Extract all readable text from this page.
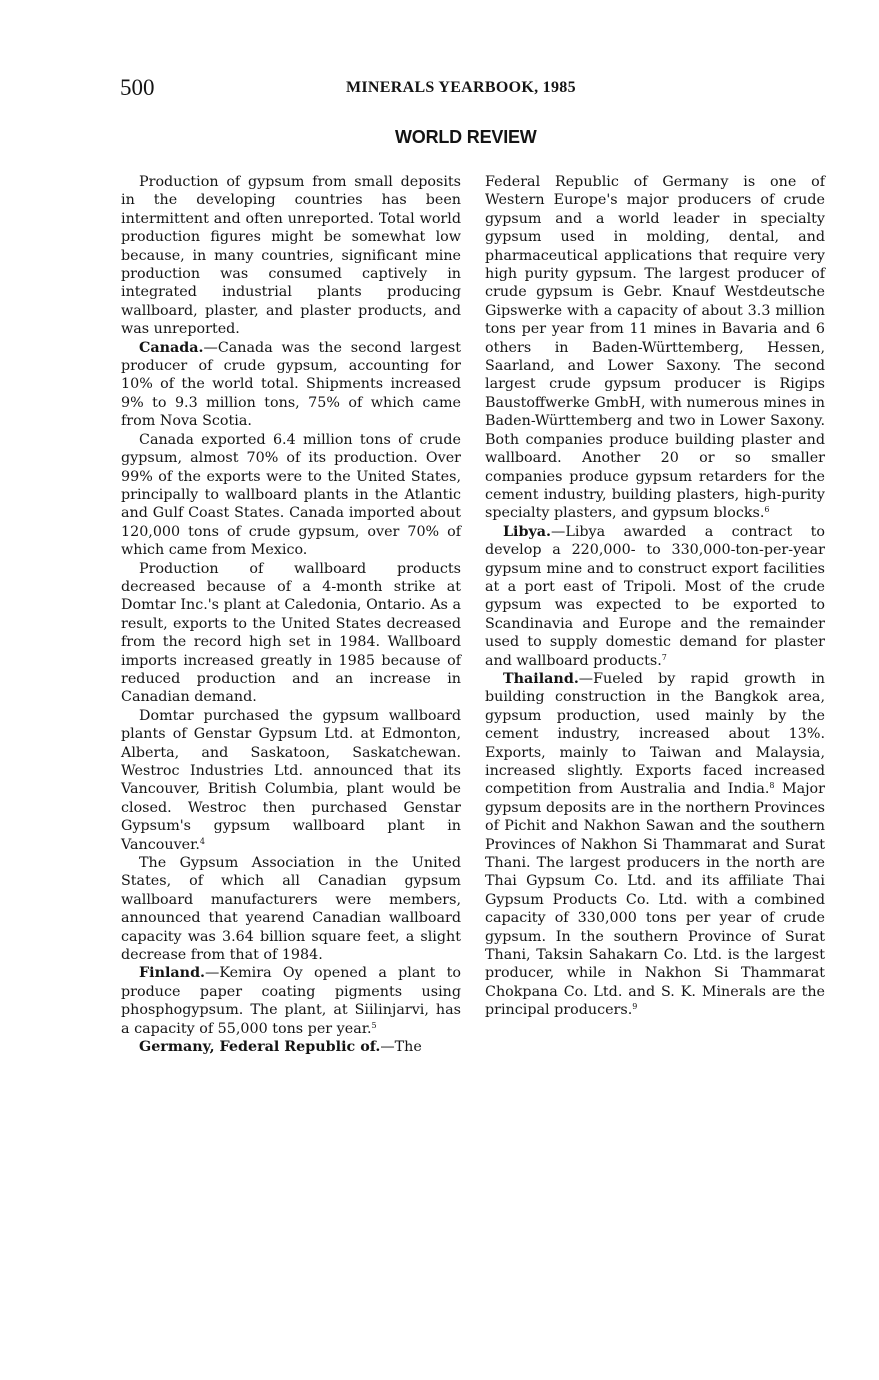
500	MINERALS YEARBOOK, 1985
WORLD REVIEW

Production of gypsum from small deposits in the developing countries has been intermittent and often unreported. Total world production figures might be somewhat low because, in many countries, significant mine production was consumed captively in integrated industrial plants producing wallboard, plaster, and plaster products, and was unreported.

Canada.—Canada was the second largest producer of crude gypsum, accounting for 10% of the world total. Shipments increased 9% to 9.3 million tons, 75% of which came from Nova Scotia.

Canada exported 6.4 million tons of crude gypsum, almost 70% of its production. Over 99% of the exports were to the United States, principally to wallboard plants in the Atlantic and Gulf Coast States. Canada imported about 120,000 tons of crude gypsum, over 70% of which came from Mexico.

Production of wallboard products decreased because of a 4-month strike at Domtar Inc.'s plant at Caledonia, Ontario. As a result, exports to the United States decreased from the record high set in 1984. Wallboard imports increased greatly in 1985 because of reduced production and an increase in Canadian demand.

Domtar purchased the gypsum wallboard plants of Genstar Gypsum Ltd. at Edmonton, Alberta, and Saskatoon, Saskatchewan. Westroc Industries Ltd. announced that its Vancouver, British Columbia, plant would be closed. Westroc then purchased Genstar Gypsum's gypsum wallboard plant in Vancouver.$^4$

The Gypsum Association in the United States, of which all Canadian gypsum wallboard manufacturers were members, announced that yearend Canadian wallboard capacity was 3.64 billion square feet, a slight decrease from that of 1984.

Finland.—Kemira Oy opened a plant to produce paper coating pigments using phosphogypsum. The plant, at Siilinjarvi, has a capacity of 55,000 tons per year.$^5$

Germany, Federal Republic of.—The

Federal Republic of Germany is one of Western Europe's major producers of crude gypsum and a world leader in specialty gypsum used in molding, dental, and pharmaceutical applications that require very high purity gypsum. The largest producer of crude gypsum is Gebr. Knauf Westdeutsche Gipswerke with a capacity of about 3.3 million tons per year from 11 mines in Bavaria and 6 others in Baden-Württemberg, Hessen, Saarland, and Lower Saxony. The second largest crude gypsum producer is Rigips Baustoffwerke GmbH, with numerous mines in Baden-Württemberg and two in Lower Saxony. Both companies produce building plaster and wallboard. Another 20 or so smaller companies produce gypsum retarders for the cement industry, building plasters, high-purity specialty plasters, and gypsum blocks.$^6$

Libya.—Libya awarded a contract to develop a 220,000- to 330,000-ton-per-year gypsum mine and to construct export facilities at a port east of Tripoli. Most of the crude gypsum was expected to be exported to Scandinavia and Europe and the remainder used to supply domestic demand for plaster and wallboard products.$^7$

Thailand.—Fueled by rapid growth in building construction in the Bangkok area, gypsum production, used mainly by the cement industry, increased about 13%. Exports, mainly to Taiwan and Malaysia, increased slightly. Exports faced increased competition from Australia and India.$^8$ Major gypsum deposits are in the northern Provinces of Pichit and Nakhon Sawan and the southern Provinces of Nakhon Si Thammarat and Surat Thani. The largest producers in the north are Thai Gypsum Co. Ltd. and its affiliate Thai Gypsum Products Co. Ltd. with a combined capacity of 330,000 tons per year of crude gypsum. In the southern Province of Surat Thani, Taksin Sahakarn Co. Ltd. is the largest producer, while in Nakhon Si Thammarat Chokpana Co. Ltd. and S. K. Minerals are the principal producers.$^9$
